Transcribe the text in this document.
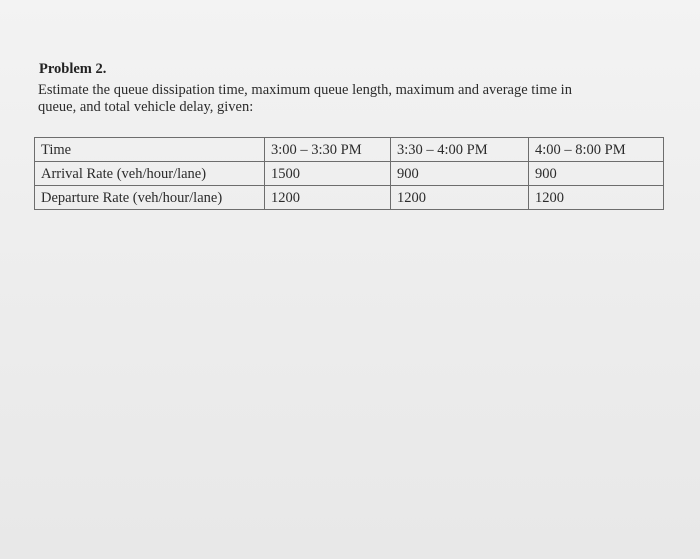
Problem 2.
Estimate the queue dissipation time, maximum queue length, maximum and average time in
queue, and total vehicle delay, given:
Time	3:00 – 3:30 PM	3:30 – 4:00 PM	4:00 – 8:00 PM
Arrival Rate (veh/hour/lane)	1500	900	900
Departure Rate (veh/hour/lane)	1200	1200	1200
